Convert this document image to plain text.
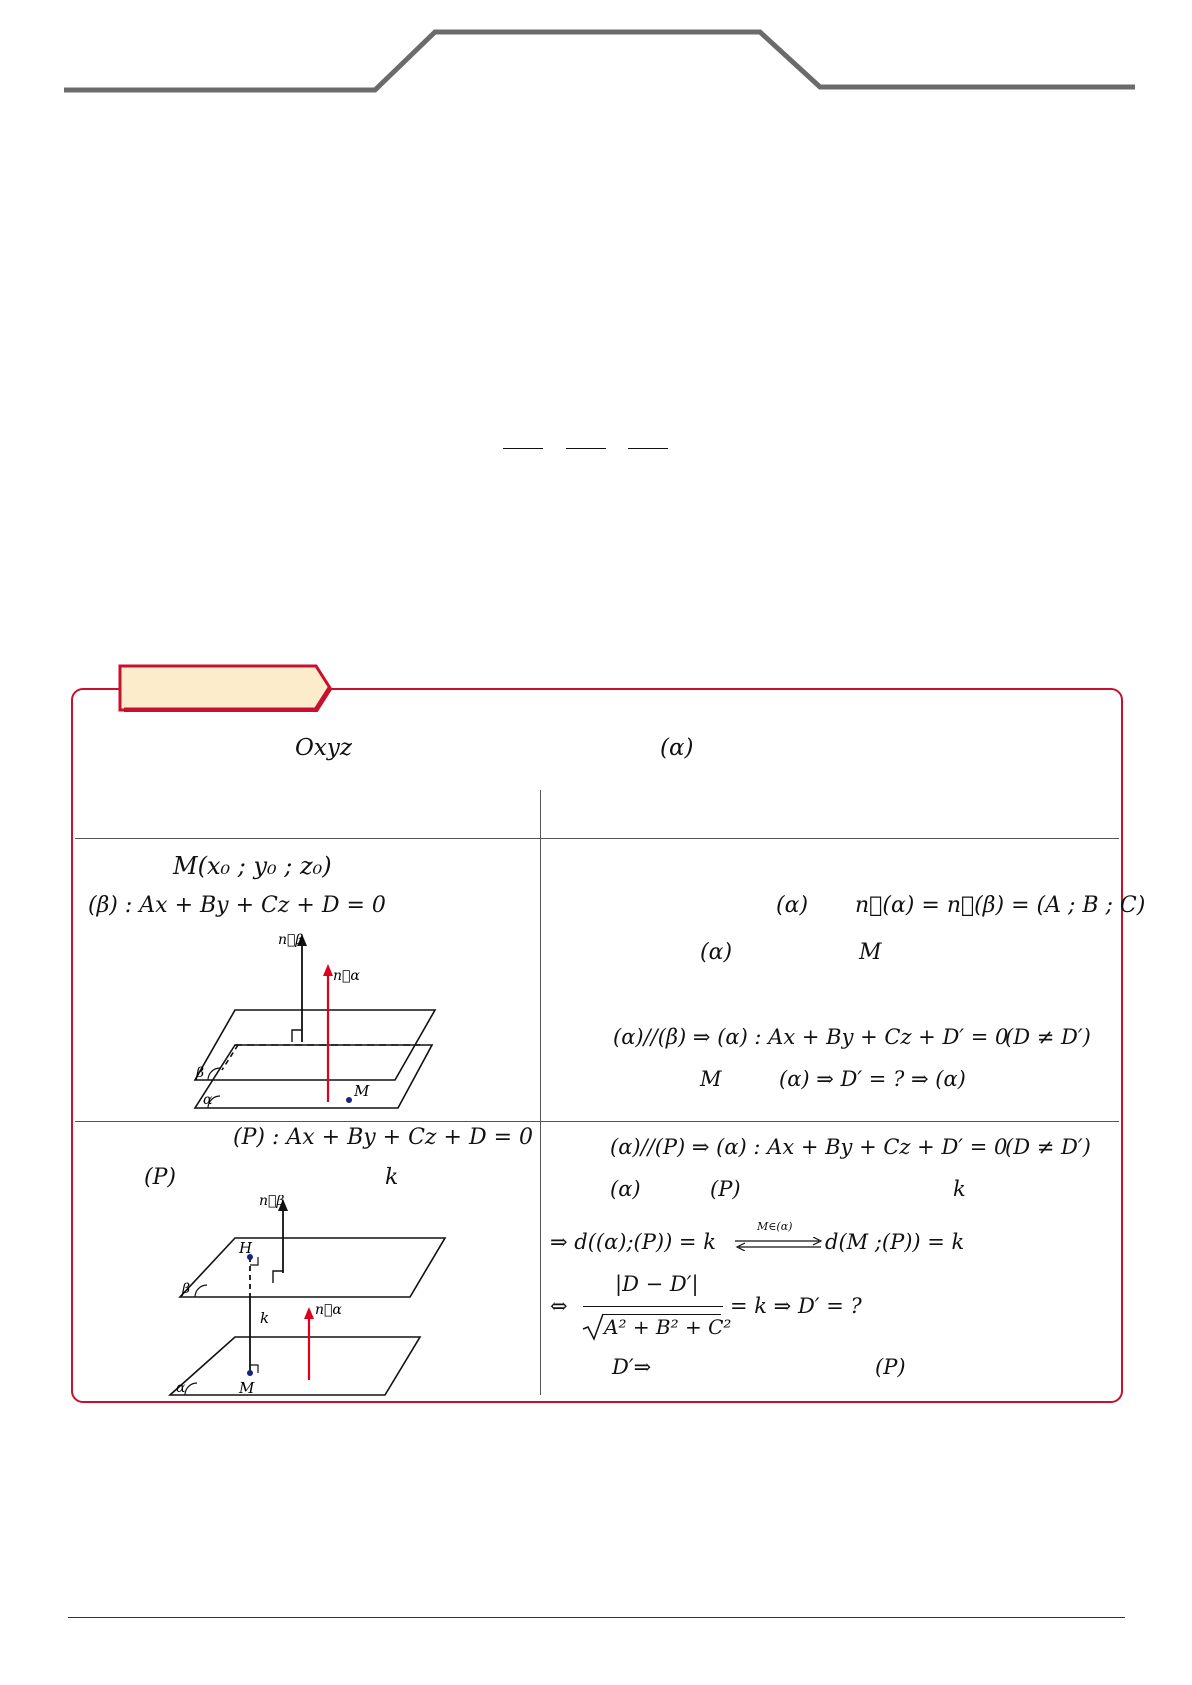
Oxyz	(α)
M(x₀ ; y₀ ; z₀)
(β) : Ax + By + Cz + D = 0
M
n⃗β
n⃗α
β
α
(α) n⃗(α) = n⃗(β) = (A ; B ; C)
(α)	M
(α)//(β) ⇒ (α) : Ax + By + Cz + D′ = 0
(D ≠ D′)
M	(α) ⇒ D′ = ? ⇒ (α)
(P) : Ax + By + Cz + D = 0
(P)	k
n⃗β
n⃗α
H
k
M
β
α
(α)//(P) ⇒ (α) : Ax + By + Cz + D′ = 0
(D ≠ D′)
(α)	(P)	k
⇒ d((α);(P)) = k
M∈(α)
d(M ;(P)) = k
⇔
|D − D′|
A² + B² + C²
= k ⇒ D′ = ?
D′⇒	(P)
